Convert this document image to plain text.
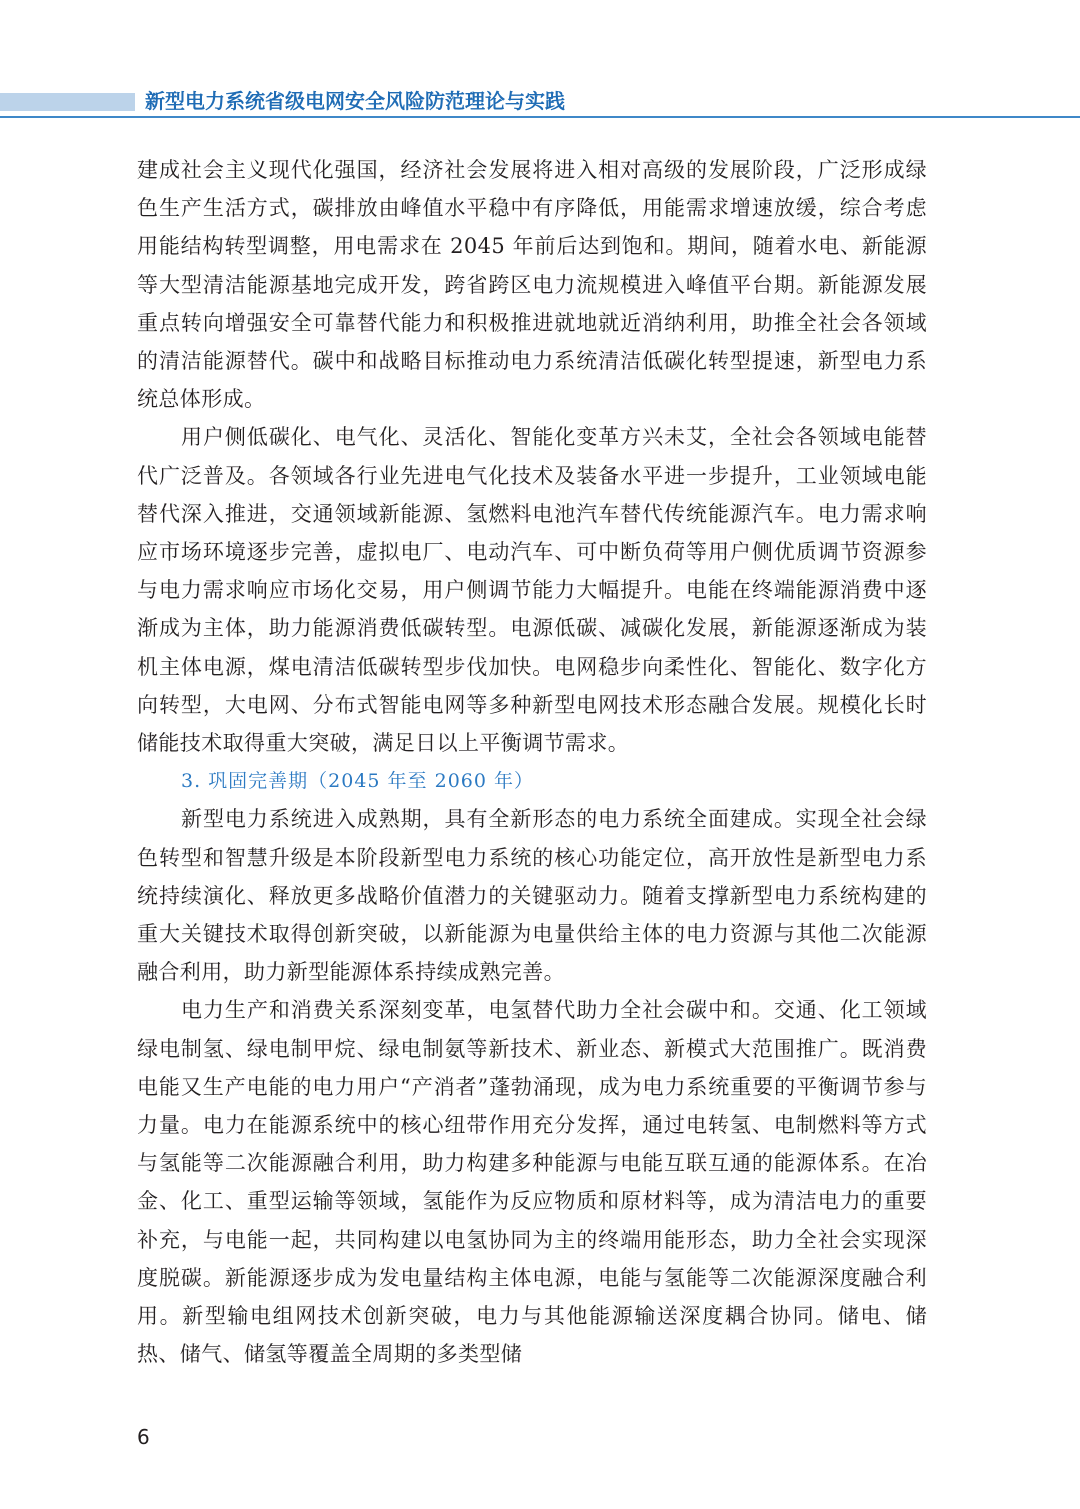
新型电力系统省级电网安全风险防范理论与实践

建成社会主义现代化强国，经济社会发展将进入相对高级的发展阶段，广泛形成绿色生产生活方式，碳排放由峰值水平稳中有序降低，用能需求增速放缓，综合考虑用能结构转型调整，用电需求在 2045 年前后达到饱和。期间，随着水电、新能源等大型清洁能源基地完成开发，跨省跨区电力流规模进入峰值平台期。新能源发展重点转向增强安全可靠替代能力和积极推进就地就近消纳利用，助推全社会各领域的清洁能源替代。碳中和战略目标推动电力系统清洁低碳化转型提速，新型电力系统总体形成。

用户侧低碳化、电气化、灵活化、智能化变革方兴未艾，全社会各领域电能替代广泛普及。各领域各行业先进电气化技术及装备水平进一步提升，工业领域电能替代深入推进，交通领域新能源、氢燃料电池汽车替代传统能源汽车。电力需求响应市场环境逐步完善，虚拟电厂、电动汽车、可中断负荷等用户侧优质调节资源参与电力需求响应市场化交易，用户侧调节能力大幅提升。电能在终端能源消费中逐渐成为主体，助力能源消费低碳转型。电源低碳、减碳化发展，新能源逐渐成为装机主体电源，煤电清洁低碳转型步伐加快。电网稳步向柔性化、智能化、数字化方向转型，大电网、分布式智能电网等多种新型电网技术形态融合发展。规模化长时储能技术取得重大突破，满足日以上平衡调节需求。

3. 巩固完善期（2045 年至 2060 年）

新型电力系统进入成熟期，具有全新形态的电力系统全面建成。实现全社会绿色转型和智慧升级是本阶段新型电力系统的核心功能定位，高开放性是新型电力系统持续演化、释放更多战略价值潜力的关键驱动力。随着支撑新型电力系统构建的重大关键技术取得创新突破，以新能源为电量供给主体的电力资源与其他二次能源融合利用，助力新型能源体系持续成熟完善。

电力生产和消费关系深刻变革，电氢替代助力全社会碳中和。交通、化工领域绿电制氢、绿电制甲烷、绿电制氨等新技术、新业态、新模式大范围推广。既消费电能又生产电能的电力用户“产消者”蓬勃涌现，成为电力系统重要的平衡调节参与力量。电力在能源系统中的核心纽带作用充分发挥，通过电转氢、电制燃料等方式与氢能等二次能源融合利用，助力构建多种能源与电能互联互通的能源体系。在冶金、化工、重型运输等领域，氢能作为反应物质和原材料等，成为清洁电力的重要补充，与电能一起，共同构建以电氢协同为主的终端用能形态，助力全社会实现深度脱碳。新能源逐步成为发电量结构主体电源，电能与氢能等二次能源深度融合利用。新型输电组网技术创新突破，电力与其他能源输送深度耦合协同。储电、储热、储气、储氢等覆盖全周期的多类型储

6
